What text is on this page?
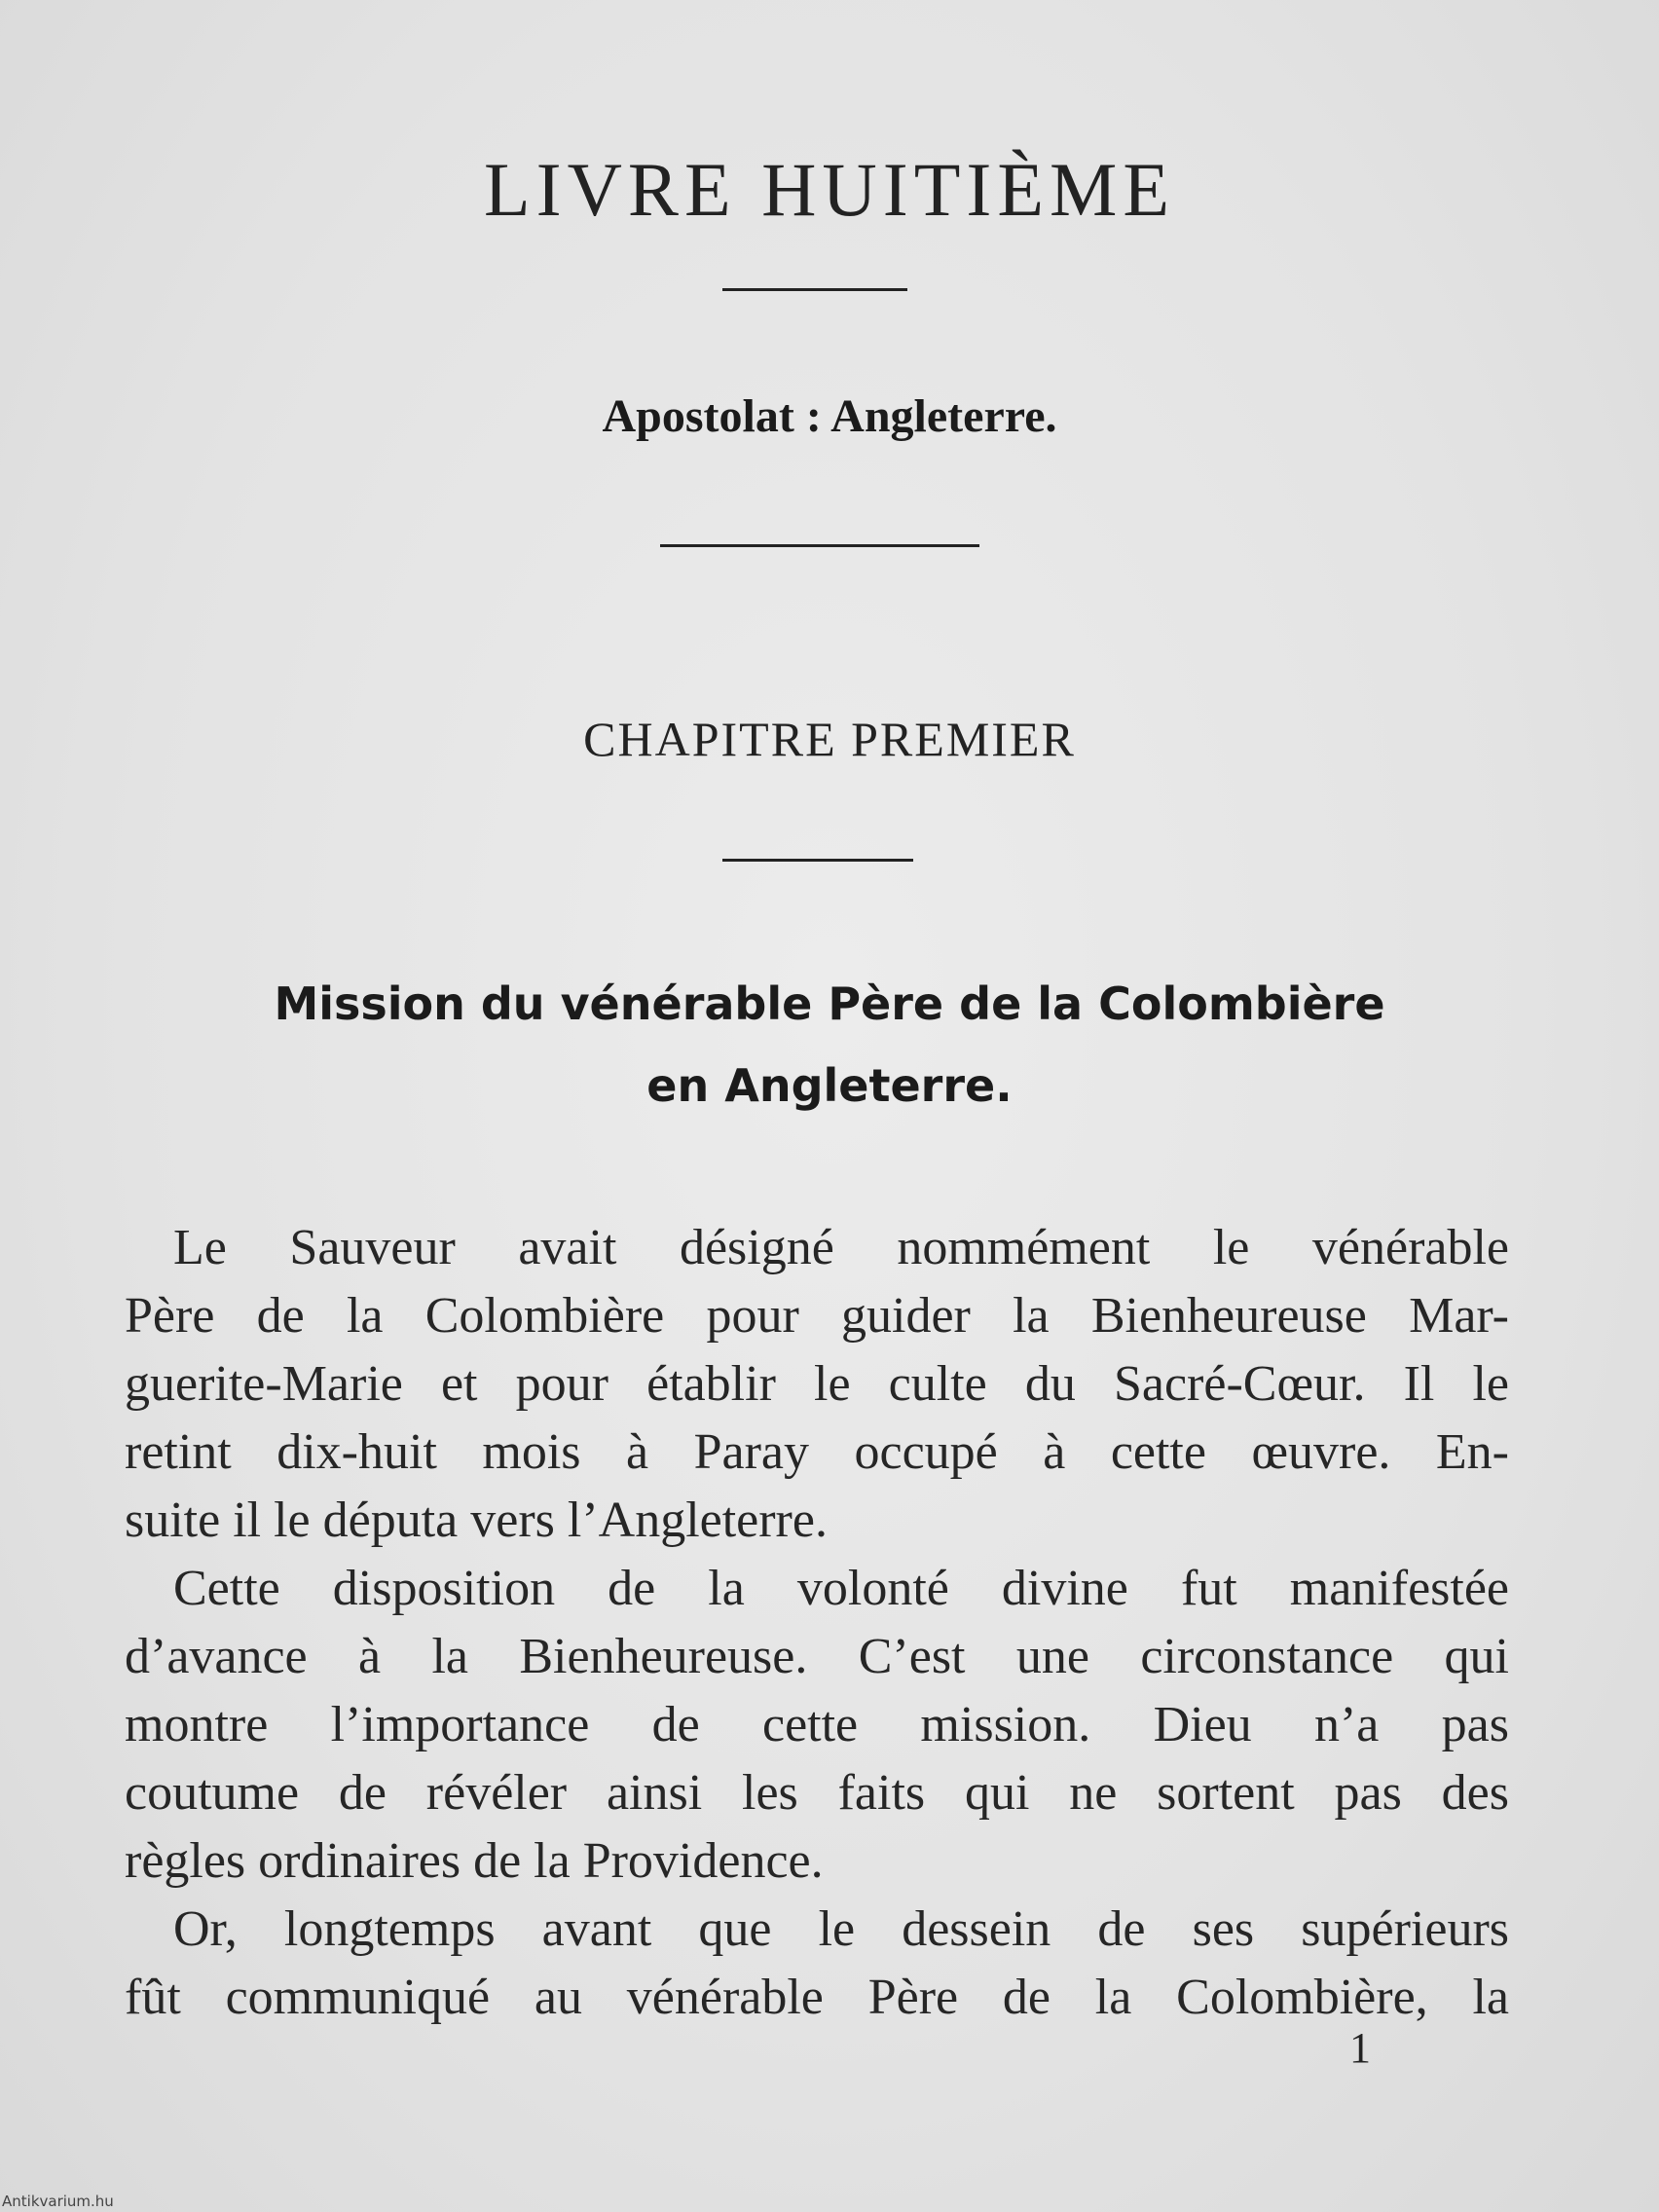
LIVRE HUITIÈME
Apostolat : Angleterre.
CHAPITRE PREMIER
Mission du vénérable Père de la Colombière
en Angleterre.
Le Sauveur avait désigné nommément le vénérable
Père de la Colombière pour guider la Bienheureuse Mar-
guerite-Marie et pour établir le culte du Sacré-Cœur. Il le
retint dix-huit mois à Paray occupé à cette œuvre. En-
suite il le députa vers l’Angleterre.
Cette disposition de la volonté divine fut manifestée
d’avance à la Bienheureuse. C’est une circonstance qui
montre l’importance de cette mission. Dieu n’a pas
coutume de révéler ainsi les faits qui ne sortent pas des
règles ordinaires de la Providence.
Or, longtemps avant que le dessein de ses supérieurs
fût communiqué au vénérable Père de la Colombière, la
1
Antikvarium.hu
